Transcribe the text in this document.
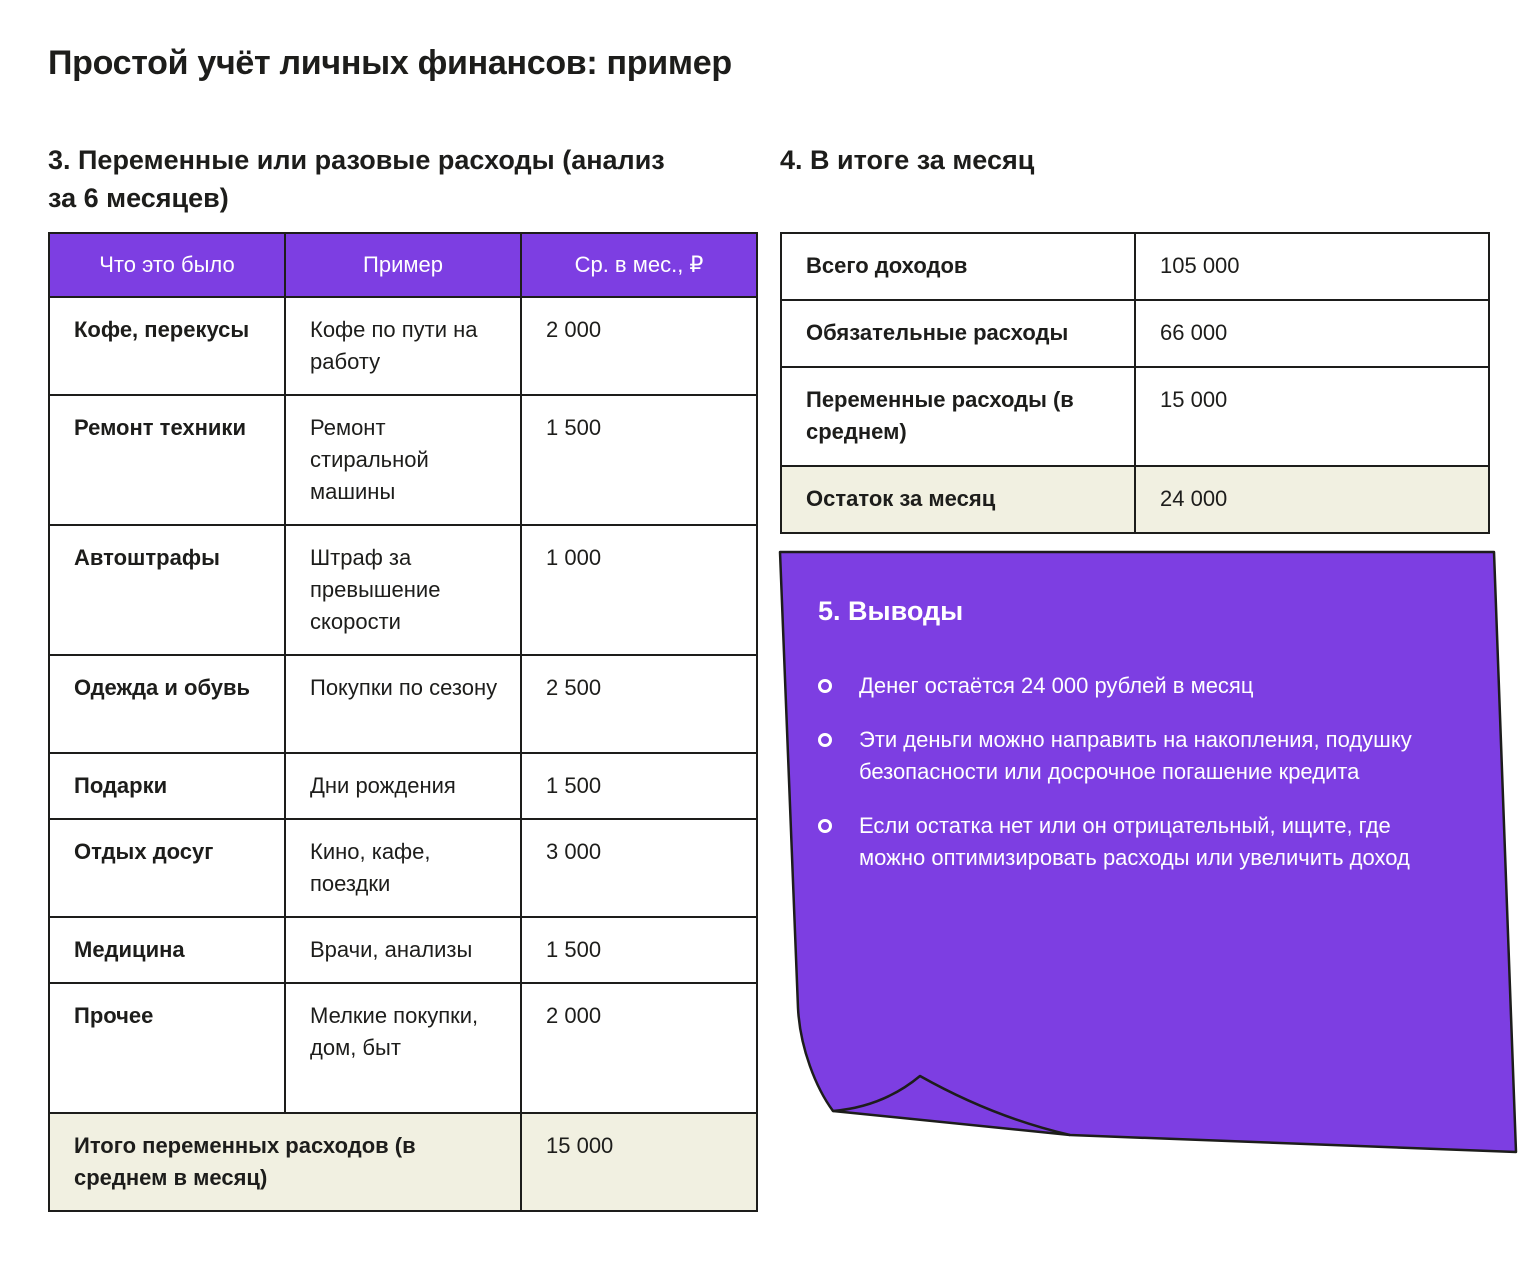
Простой учёт личных финансов: пример
3. Переменные или разовые расходы (анализ за 6 месяцев)
4. В итоге за месяц
Что это было	Пример	Ср. в мес., ₽
Кофе, перекусы	Кофе по пути на работу	2 000
Ремонт техники	Ремонт стиральной машины	1 500
Автоштрафы	Штраф за превышение скорости	1 000
Одежда и обувь	Покупки по сезону	2 500
Подарки	Дни рождения	1 500
Отдых досуг	Кино, кафе, поездки	3 000
Медицина	Врачи, анализы	1 500
Прочее	Мелкие покупки, дом, быт	2 000
Итого переменных расходов (в среднем в месяц)		15 000
Всего доходов	105 000
Обязательные расходы	66 000
Переменные расходы (в среднем)	15 000
Остаток за месяц	24 000
5. Выводы
Денег остаётся 24 000 рублей в месяц
Эти деньги можно направить на накопления, подушку безопасности или досрочное погашение кредита
Если остатка нет или он отрицательный, ищите, где можно оптимизировать расходы или увеличить доход
